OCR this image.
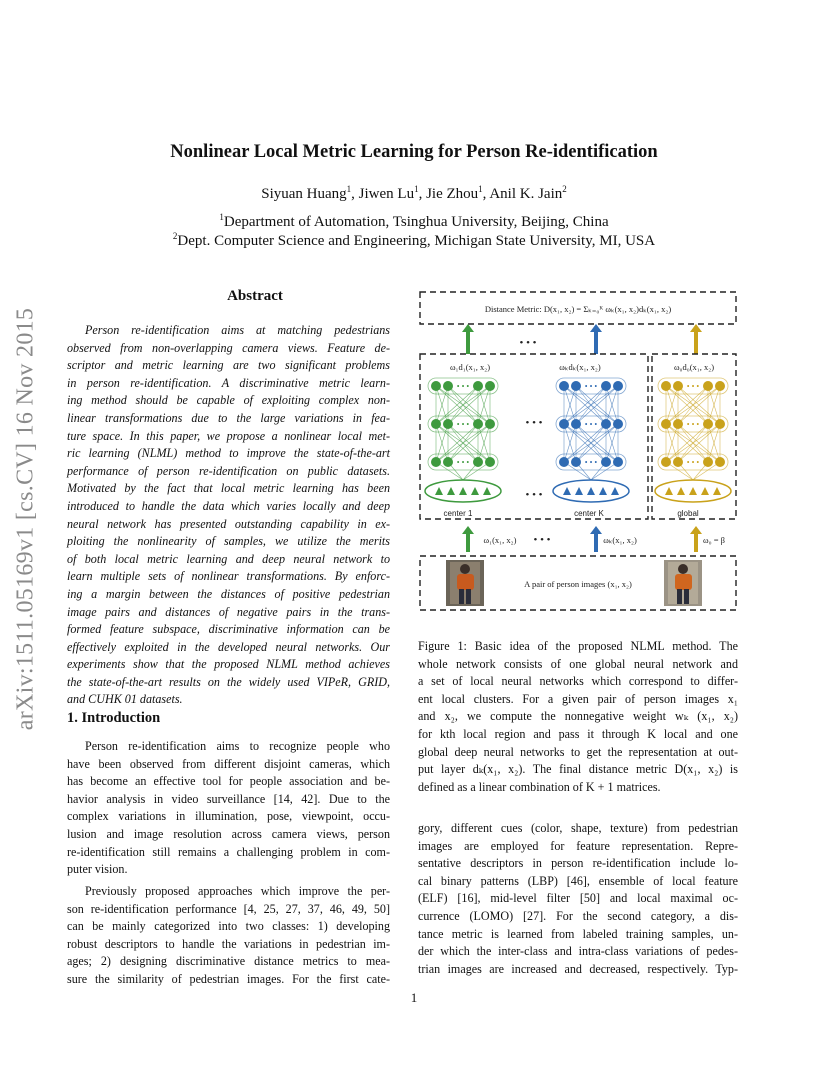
arXiv:1511.05169v1 [cs.CV] 16 Nov 2015
Nonlinear Local Metric Learning for Person Re-identification
Siyuan Huang$^1$, Jiwen Lu$^1$, Jie Zhou$^1$, Anil K. Jain$^2$
$^1$Department of Automation, Tsinghua University, Beijing, China
$^2$Dept. Computer Science and Engineering, Michigan State University, MI, USA
Abstract
Person re-identification aims at matching pedestrians
observed from non-overlapping camera views. Feature de-
scriptor and metric learning are two significant problems
in person re-identification. A discriminative metric learn-
ing method should be capable of exploiting complex non-
linear transformations due to the large variations in fea-
ture space. In this paper, we propose a nonlinear local met-
ric learning (NLML) method to improve the state-of-the-art
performance of person re-identification on public datasets.
Motivated by the fact that local metric learning has been
introduced to handle the data which varies locally and deep
neural network has presented outstanding capability in ex-
ploiting the nonlinearity of samples, we utilize the merits
of both local metric learning and deep neural network to
learn multiple sets of nonlinear transformations. By enforc-
ing a margin between the distances of positive pedestrian
image pairs and distances of negative pairs in the trans-
formed feature subspace, discriminative information can be
effectively exploited in the developed neural networks. Our
experiments show that the proposed NLML method achieves
the state-of-the-art results on the widely used VIPeR, GRID,
and CUHK 01 datasets.
1. Introduction
Person re-identification aims to recognize people who
have been observed from different disjoint cameras, which
has become an effective tool for people association and be-
havior analysis in video surveillance [14, 42]. Due to the
complex variations in illumination, pose, viewpoint, occu-
lusion and image resolution across camera views, person
re-identification still remains a challenging problem in com-
puter vision.
Previously proposed approaches which improve the per-
son re-identification performance [4, 25, 27, 37, 46, 49, 50]
can be mainly categorized into two classes: 1) developing
robust descriptors to handle the variations in pedestrian im-
ages; 2) designing discriminative distance metrics to mea-
sure the similarity of pedestrian images. For the first cate-
Distance Metric: D(x₁, x₂) = Σₖ₌₀ᴷ ωₖ(x₁, x₂)dₖ(x₁, x₂)
• • •
ω₁d₁(x₁, x₂)	ωₖdₖ(x₁, x₂)	ω₀d₀(x₁, x₂)
• • •
• • •
• • •
• • •
• • •
• • •
• • •
• • •
• • •
• • •
• • •
center 1	center K	global
ω₁(x₁, x₂) • • •	ωₖ(x₁, x₂)	ω₀ = β
A pair of person images (x₁, x₂)
Figure 1: Basic idea of the proposed NLML method. The
whole network consists of one global neural network and
a set of local neural networks which correspond to differ-
ent local clusters. For a given pair of person images x₁
and x₂, we compute the nonnegative weight wₖ (x₁, x₂)
for kth local region and pass it through K local and one
global deep neural networks to get the representation at out-
put layer dₖ(x₁, x₂). The final distance metric D(x₁, x₂) is
defined as a linear combination of K + 1 matrices.
gory, different cues (color, shape, texture) from pedestrian
images are employed for feature representation. Repre-
sentative descriptors in person re-identification include lo-
cal binary patterns (LBP) [46], ensemble of local feature
(ELF) [16], mid-level filter [50] and local maximal oc-
currence (LOMO) [27]. For the second category, a dis-
tance metric is learned from labeled training samples, un-
der which the inter-class and intra-class variations of pedes-
trian images are increased and decreased, respectively. Typ-
1
